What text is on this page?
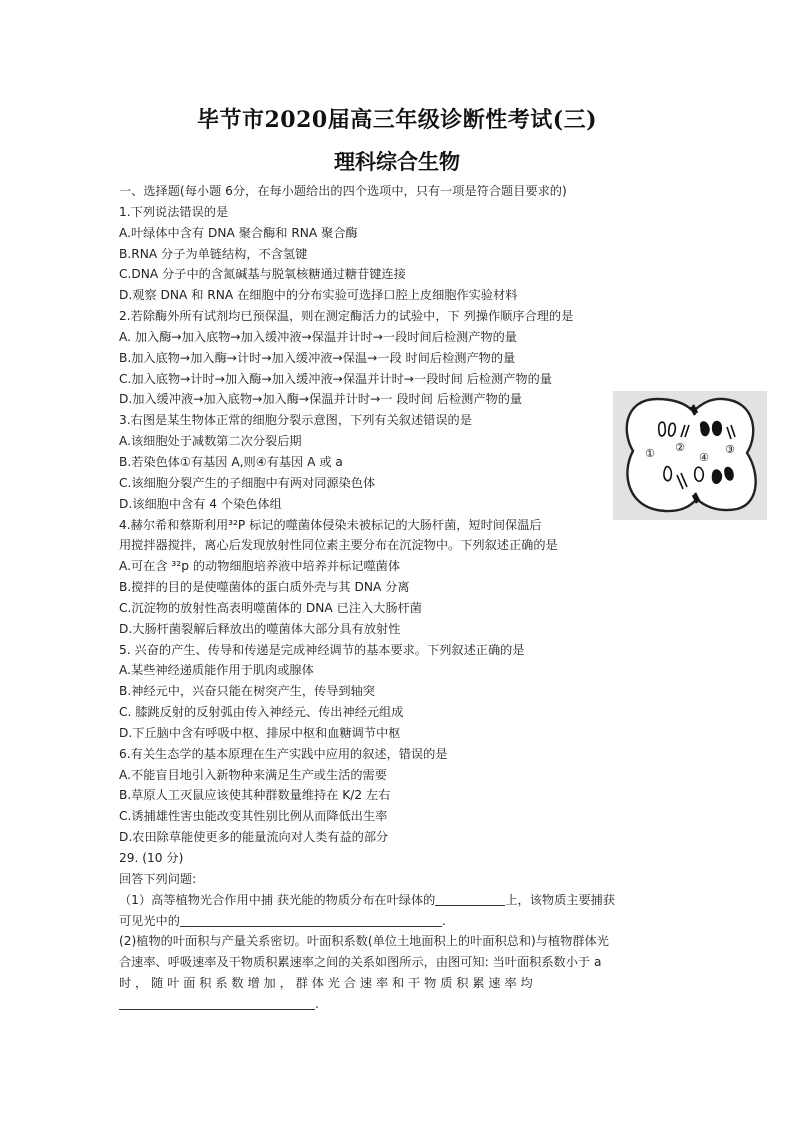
毕节市2020届高三年级诊断性考试(三)
理科综合生物
一、选择题(每小题 6分，在每小题给出的四个选项中，只有一项是符合题目要求的)
1.下列说法错误的是
A.叶绿体中含有 DNA 聚合酶和 RNA 聚合酶
B.RNA 分子为单链结构，不含氢键
C.DNA 分子中的含氮碱基与脱氧核糖通过糖苷键连接
D.观察 DNA 和 RNA 在细胞中的分布实验可选择口腔上皮细胞作实验材料
2.若除酶外所有试剂均已预保温，则在测定酶活力的试验中，下 列操作顺序合理的是
A. 加入酶→加入底物→加入缓冲液→保温并计时→一段时间后检测产物的量
B.加入底物→加入酶→计时→加入缓冲液→保温→一段 时间后检测产物的量
C.加入底物→计时→加入酶→加入缓冲液→保温并计时→一段时间 后检测产物的量
D.加入缓冲液→加入底物→加入酶→保温并计时→一 段时间 后检测产物的量
3.右图是某生物体正常的细胞分裂示意图，下列有关叙述错误的是
A.该细胞处于减数第二次分裂后期
B.若染色体①有基因 A,则④有基因 A 或 a
C.该细胞分裂产生的子细胞中有两对同源染色体
D.该细胞中含有 4 个染色体组
4.赫尔希和蔡斯利用³²P 标记的噬菌体侵染未被标记的大肠杆菌，短时间保温后
用搅拌器搅拌，离心后发现放射性同位素主要分布在沉淀物中。下列叙述正确的是
A.可在含 ³²p 的动物细胞培养液中培养并标记噬菌体
B.搅拌的目的是使噬菌体的蛋白质外壳与其 DNA 分离
C.沉淀物的放射性高表明噬菌体的 DNA 已注入大肠杆菌
D.大肠杆菌裂解后释放出的噬菌体大部分具有放射性
5. 兴奋的产生、传导和传递是完成神经调节的基本要求。下列叙述正确的是
A.某些神经递质能作用于肌肉或腺体
B.神经元中，兴奋只能在树突产生，传导到轴突
C. 膝跳反射的反射弧由传入神经元、传出神经元组成
D.下丘脑中含有呼吸中枢、排尿中枢和血糖调节中枢
6.有关生态学的基本原理在生产实践中应用的叙述，错误的是
A.不能盲目地引入新物种来满足生产或生活的需要
B.草原人工灭鼠应该使其种群数量维持在 K/2 左右
C.诱捕雄性害虫能改变其性别比例从而降低出生率
D.农田除草能使更多的能量流向对人类有益的部分
29. (10 分)
回答下列问题:
（1）高等植物光合作用中捕 获光能的物质分布在叶绿体的	上，该物质主要捕获
可见光中的	.
(2)植物的叶面积与产量关系密切。叶面积系数(单位土地面积上的叶面积总和)与植物群体光
合速率、呼吸速率及干物质积累速率之间的关系如图所示，由图可知: 当叶面积系数小于 a
时 ， 随 叶 面 积 系 数 增 加 ， 群 体 光 合 速 率 和 干 物 质 积 累 速 率 均
.
① ②
④
③
